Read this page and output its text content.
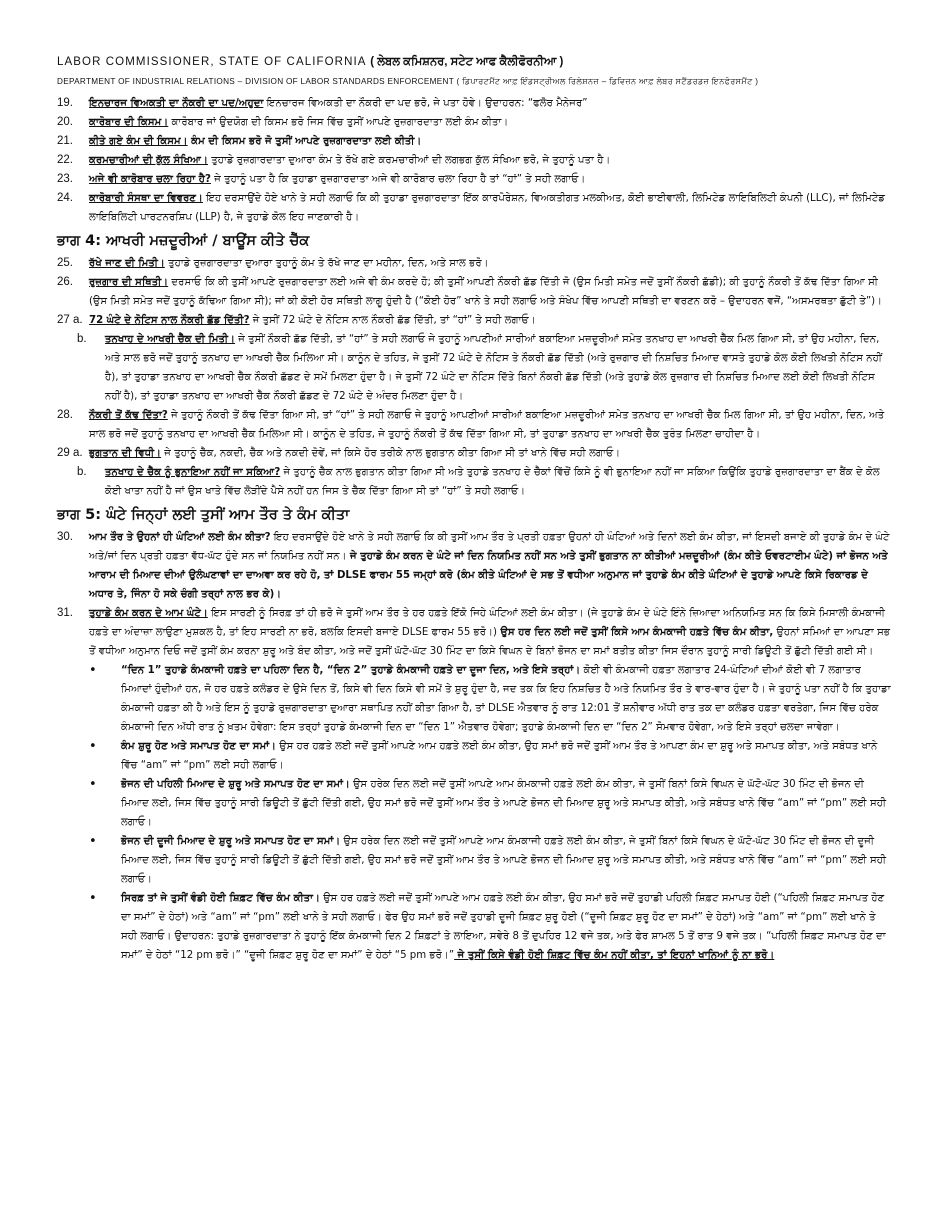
LABOR COMMISSIONER, STATE OF CALIFORNIA ( ਲੇਬਲ ਕਮਿਸ਼ਨਰ, ਸਟੇਟ ਆਫ ਕੈਲੀਫੋਰਨੀਆ )
DEPARTMENT OF INDUSTRIAL RELATIONS – DIVISION OF LABOR STANDARDS ENFORCEMENT ( ਡਿਪਾਰਟਮੈਂਟ ਆਫ਼ ਇੰਡਸਟ੍ਰੀਅਲ ਰਿਲੇਸ਼ਨਜ਼ – ਡਿਵਿਜ਼ਨ ਆਫ਼ ਲੇਬਰ ਸਟੈਂਡਰਡਜ਼ ਇਨਫੋਰਸਮੈਂਟ )
19.	ਇਨਚਾਰਜ ਵਿਅਕਤੀ ਦਾ ਨੌਕਰੀ ਦਾ ਪਦ/ਅਹੁਦਾ ਇਨਚਾਰਜ ਵਿਅਕਤੀ ਦਾ ਨੌਕਰੀ ਦਾ ਪਦ ਭਰੋ, ਜੇ ਪਤਾ ਹੋਵੇ। ਉਦਾਹਰਨ: “ਫਲੋਰ ਮੈਨੇਜਰ”
20.	ਕਾਰੋਬਾਰ ਦੀ ਕਿਸਮ। ਕਾਰੋਬਾਰ ਜਾਂ ਉਦਯੋਗ ਦੀ ਕਿਸਮ ਭਰੋ ਜਿਸ ਵਿੱਚ ਤੁਸੀਂ ਆਪਣੇ ਰੁਜ਼ਗਾਰਦਾਤਾ ਲਈ ਕੰਮ ਕੀਤਾ।
21.	ਕੀਤੇ ਗਏ ਕੰਮ ਦੀ ਕਿਸਮ। ਕੰਮ ਦੀ ਕਿਸਮ ਭਰੋ ਜੋ ਤੁਸੀਂ ਆਪਣੇ ਰੁਜ਼ਗਾਰਦਾਤਾ ਲਈ ਕੀਤੀ।
22.	ਕਰਮਚਾਰੀਆਂ ਦੀ ਕੁੱਲ ਸੰਖਿਆ। ਤੁਹਾਡੇ ਰੁਜ਼ਗਾਰਦਾਤਾ ਦੁਆਰਾ ਕੰਮ ਤੇ ਰੱਖੇ ਗਏ ਕਰਮਚਾਰੀਆਂ ਦੀ ਲਗਭਗ ਕੁੱਲ ਸੰਖਿਆ ਭਰੋ, ਜੇ ਤੁਹਾਨੂੰ ਪਤਾ ਹੈ।
23.	ਅਜੇ ਵੀ ਕਾਰੋਬਾਰ ਚਲਾ ਰਿਹਾ ਹੈ? ਜੇ ਤੁਹਾਨੂੰ ਪਤਾ ਹੈ ਕਿ ਤੁਹਾਡਾ ਰੁਜ਼ਗਾਰਦਾਤਾ ਅਜੇ ਵੀ ਕਾਰੋਬਾਰ ਚਲਾ ਰਿਹਾ ਹੈ ਤਾਂ “ਹਾਂ” ਤੇ ਸਹੀ ਲਗਾਓ।
24.	ਕਾਰੋਬਾਰੀ ਸੰਸਥਾ ਦਾ ਵਿਵਰਣ। ਇਹ ਦਰਸਾਉਂਦੇ ਹੋਏ ਖਾਨੇ ਤੇ ਸਹੀ ਲਗਾਓ ਕਿ ਕੀ ਤੁਹਾਡਾ ਰੁਜ਼ਗਾਰਦਾਤਾ ਇੱਕ ਕਾਰਪੋਰੇਸ਼ਨ, ਵਿਅਕਤੀਗਤ ਮਲਕੀਅਤ, ਕੋਈ ਭਾਈਵਾਲੀ, ਲਿਮਿਟੇਡ ਲਾਇਬਿਲਿਟੀ ਕੰਪਨੀ (LLC), ਜਾਂ ਲਿਮਿਟੇਡ ਲਾਇਬਿਲਿਟੀ ਪਾਰਟਨਰਸ਼ਿਪ (LLP) ਹੈ, ਜੇ ਤੁਹਾਡੇ ਕੋਲ ਇਹ ਜਾਣਕਾਰੀ ਹੈ।
ਭਾਗ 4: ਆਖਰੀ ਮਜ਼ਦੂਰੀਆਂ / ਬਾਊਂਸ ਕੀਤੇ ਚੈੱਕ
25.	ਰੱਖੇ ਜਾਣ ਦੀ ਮਿਤੀ। ਤੁਹਾਡੇ ਰੁਜ਼ਗਾਰਦਾਤਾ ਦੁਆਰਾ ਤੁਹਾਨੂੰ ਕੰਮ ਤੇ ਰੱਖੇ ਜਾਣ ਦਾ ਮਹੀਨਾ, ਦਿਨ, ਅਤੇ ਸਾਲ ਭਰੋ।
26.	ਰੁਜ਼ਗਾਰ ਦੀ ਸਥਿਤੀ। ਦਰਸਾਓ ਕਿ ਕੀ ਤੁਸੀਂ ਆਪਣੇ ਰੁਜ਼ਗਾਰਦਾਤਾ ਲਈ ਅਜੇ ਵੀ ਕੰਮ ਕਰਦੇ ਹੋ; ਕੀ ਤੁਸੀਂ ਆਪਣੀ ਨੌਕਰੀ ਛੱਡ ਦਿੱਤੀ ਜੋ (ਉਸ ਮਿਤੀ ਸਮੇਤ ਜਦੋਂ ਤੁਸੀਂ ਨੌਕਰੀ ਛੱਡੀ); ਕੀ ਤੁਹਾਨੂੰ ਨੌਕਰੀ ਤੋਂ ਕੱਢ ਦਿੱਤਾ ਗਿਆ ਸੀ (ਉਸ ਮਿਤੀ ਸਮੇਤ ਜਦੋਂ ਤੁਹਾਨੂੰ ਕੱਢਿਆ ਗਿਆ ਸੀ); ਜਾਂ ਕੀ ਕੋਈ ਹੋਰ ਸਥਿਤੀ ਲਾਗੂ ਹੁੰਦੀ ਹੈ (“ਕੋਈ ਹੋਰ” ਖਾਨੇ ਤੇ ਸਹੀ ਲਗਾਓ ਅਤੇ ਸੰਖੇਪ ਵਿੱਚ ਆਪਣੀ ਸਥਿਤੀ ਦਾ ਵਰਣਨ ਕਰੋ – ਉਦਾਹਰਨ ਵਜੋਂ, “ਅਸਮਰਥਤਾ ਛੁੱਟੀ ਤੇ”)।
27 a. 72 ਘੰਟੇ ਦੇ ਨੋਟਿਸ ਨਾਲ ਨੌਕਰੀ ਛੱਡ ਦਿੱਤੀ? ਜੇ ਤੁਸੀਂ 72 ਘੰਟੇ ਦੇ ਨੋਟਿਸ ਨਾਲ ਨੌਕਰੀ ਛੱਡ ਦਿੱਤੀ, ਤਾਂ “ਹਾਂ” ਤੇ ਸਹੀ ਲਗਾਓ।
b.	ਤਨਖਾਹ ਦੇ ਆਖਰੀ ਚੈੱਕ ਦੀ ਮਿਤੀ। ਜੇ ਤੁਸੀਂ ਨੌਕਰੀ ਛੱਡ ਦਿੱਤੀ, ਤਾਂ “ਹਾਂ” ਤੇ ਸਹੀ ਲਗਾਓ ਜੇ ਤੁਹਾਨੂੰ ਆਪਣੀਆਂ ਸਾਰੀਆਂ ਬਕਾਇਆ ਮਜ਼ਦੂਰੀਆਂ ਸਮੇਤ ਤਨਖਾਹ ਦਾ ਆਖਰੀ ਚੈੱਕ ਮਿਲ ਗਿਆ ਸੀ, ਤਾਂ ਉਹ ਮਹੀਨਾ, ਦਿਨ, ਅਤੇ ਸਾਲ ਭਰੋ ਜਦੋਂ ਤੁਹਾਨੂੰ ਤਨਖਾਹ ਦਾ ਆਖਰੀ ਚੈੱਕ ਮਿਲਿਆ ਸੀ। ਕਾਨੂੰਨ ਦੇ ਤਹਿਤ, ਜੇ ਤੁਸੀਂ 72 ਘੰਟੇ ਦੇ ਨੋਟਿਸ ਤੇ ਨੌਕਰੀ ਛੱਡ ਦਿੱਤੀ (ਅਤੇ ਰੁਜ਼ਗਾਰ ਦੀ ਨਿਸ਼ਚਿਤ ਮਿਆਦ ਵਾਸਤੇ ਤੁਹਾਡੇ ਕੋਲ ਕੋਈ ਲਿਖਤੀ ਨੋਟਿਸ ਨਹੀਂ ਹੈ), ਤਾਂ ਤੁਹਾਡਾ ਤਨਖਾਹ ਦਾ ਆਖਰੀ ਚੈੱਕ ਨੌਕਰੀ ਛੱਡਣ ਦੇ ਸਮੇਂ ਮਿਲਣਾ ਹੁੰਦਾ ਹੈ। ਜੇ ਤੁਸੀਂ 72 ਘੰਟੇ ਦਾ ਨੋਟਿਸ ਦਿੱਤੇ ਬਿਨਾਂ ਨੌਕਰੀ ਛੱਡ ਦਿੱਤੀ (ਅਤੇ ਤੁਹਾਡੇ ਕੋਲ ਰੁਜ਼ਗਾਰ ਦੀ ਨਿਸ਼ਚਿਤ ਮਿਆਦ ਲਈ ਕੋਈ ਲਿਖਤੀ ਨੋਟਿਸ ਨਹੀਂ ਹੈ), ਤਾਂ ਤੁਹਾਡਾ ਤਨਖਾਹ ਦਾ ਆਖਰੀ ਚੈੱਕ ਨੌਕਰੀ ਛੱਡਣ ਦੇ 72 ਘੰਟੇ ਦੇ ਅੰਦਰ ਮਿਲਣਾ ਹੁੰਦਾ ਹੈ।
28.	ਨੌਕਰੀ ਤੋਂ ਕੱਢ ਦਿੱਤਾ? ਜੇ ਤੁਹਾਨੂੰ ਨੌਕਰੀ ਤੋਂ ਕੱਢ ਦਿੱਤਾ ਗਿਆ ਸੀ, ਤਾਂ “ਹਾਂ” ਤੇ ਸਹੀ ਲਗਾਓ ਜੇ ਤੁਹਾਨੂੰ ਆਪਣੀਆਂ ਸਾਰੀਆਂ ਬਕਾਇਆ ਮਜ਼ਦੂਰੀਆਂ ਸਮੇਤ ਤਨਖਾਹ ਦਾ ਆਖਰੀ ਚੈੱਕ ਮਿਲ ਗਿਆ ਸੀ, ਤਾਂ ਉਹ ਮਹੀਨਾ, ਦਿਨ, ਅਤੇ ਸਾਲ ਭਰੋ ਜਦੋਂ ਤੁਹਾਨੂੰ ਤਨਖਾਹ ਦਾ ਆਖਰੀ ਚੈੱਕ ਮਿਲਿਆ ਸੀ। ਕਾਨੂੰਨ ਦੇ ਤਹਿਤ, ਜੇ ਤੁਹਾਨੂੰ ਨੌਕਰੀ ਤੋਂ ਕੱਢ ਦਿੱਤਾ ਗਿਆ ਸੀ, ਤਾਂ ਤੁਹਾਡਾ ਤਨਖਾਹ ਦਾ ਆਖਰੀ ਚੈੱਕ ਤੁਰੰਤ ਮਿਲਣਾ ਚਾਹੀਦਾ ਹੈ।
29 a. ਭੁਗਤਾਨ ਦੀ ਵਿਧੀ। ਜੇ ਤੁਹਾਨੂੰ ਚੈੱਕ, ਨਕਦੀ, ਚੈੱਕ ਅਤੇ ਨਕਦੀ ਦੋਵੇਂ, ਜਾਂ ਕਿਸੇ ਹੋਰ ਤਰੀਕੇ ਨਾਲ ਭੁਗਤਾਨ ਕੀਤਾ ਗਿਆ ਸੀ ਤਾਂ ਖਾਨੇ ਵਿੱਚ ਸਹੀ ਲਗਾਓ।
b.	ਤਨਖਾਹ ਦੇ ਚੈੱਕ ਨੂੰ ਭੁਨਾਇਆ ਨਹੀਂ ਜਾ ਸਕਿਆ? ਜੇ ਤੁਹਾਨੂੰ ਚੈੱਕ ਨਾਲ ਭੁਗਤਾਨ ਕੀਤਾ ਗਿਆ ਸੀ ਅਤੇ ਤੁਹਾਡੇ ਤਨਖਾਹ ਦੇ ਚੈੱਕਾਂ ਵਿੱਚੋਂ ਕਿਸੇ ਨੂੰ ਵੀ ਭੁਨਾਇਆ ਨਹੀਂ ਜਾ ਸਕਿਆ ਕਿਉਂਕਿ ਤੁਹਾਡੇ ਰੁਜ਼ਗਾਰਦਾਤਾ ਦਾ ਬੈਂਕ ਦੇ ਕੋਲ ਕੋਈ ਖਾਤਾ ਨਹੀਂ ਹੈ ਜਾਂ ਉਸ ਖਾਤੇ ਵਿੱਚ ਲੋੜੀਂਦੇ ਪੈਸੇ ਨਹੀਂ ਹਨ ਜਿਸ ਤੇ ਚੈੱਕ ਦਿੱਤਾ ਗਿਆ ਸੀ ਤਾਂ “ਹਾਂ” ਤੇ ਸਹੀ ਲਗਾਓ।
ਭਾਗ 5: ਘੰਟੇ ਜਿਨ੍ਹਾਂ ਲਈ ਤੁਸੀਂ ਆਮ ਤੌਰ ਤੇ ਕੰਮ ਕੀਤਾ
30.	ਆਮ ਤੌਰ ਤੇ ਉਹਨਾਂ ਹੀ ਘੰਟਿਆਂ ਲਈ ਕੰਮ ਕੀਤਾ? ਇਹ ਦਰਸਾਉਂਦੇ ਹੋਏ ਖਾਨੇ ਤੇ ਸਹੀ ਲਗਾਓ ਕਿ ਕੀ ਤੁਸੀਂ ਆਮ ਤੌਰ ਤੇ ਪ੍ਰਤੀ ਹਫ਼ਤਾ ਉਹਨਾਂ ਹੀ ਘੰਟਿਆਂ ਅਤੇ ਦਿਨਾਂ ਲਈ ਕੰਮ ਕੀਤਾ, ਜਾਂ ਇਸਦੀ ਬਜਾਏ ਕੀ ਤੁਹਾਡੇ ਕੰਮ ਦੇ ਘੰਟੇ ਅਤੇ/ਜਾਂ ਦਿਨ ਪ੍ਰਤੀ ਹਫ਼ਤਾ ਵੱਧ-ਘੱਟ ਹੁੰਦੇ ਸਨ ਜਾਂ ਨਿਯਮਿਤ ਨਹੀਂ ਸਨ। ਜੇ ਤੁਹਾਡੇ ਕੰਮ ਕਰਨ ਦੇ ਘੰਟੇ ਜਾਂ ਦਿਨ ਨਿਯਮਿਤ ਨਹੀਂ ਸਨ ਅਤੇ ਤੁਸੀਂ ਭੁਗਤਾਨ ਨਾ ਕੀਤੀਆਂ ਮਜ਼ਦੂਰੀਆਂ (ਕੰਮ ਕੀਤੇ ਓਵਰਟਾਈਮ ਘੰਟੇ) ਜਾਂ ਭੋਜਨ ਅਤੇ ਆਰਾਮ ਦੀ ਮਿਆਦ ਦੀਆਂ ਉਲੰਘਣਾਵਾਂ ਦਾ ਦਾਅਵਾ ਕਰ ਰਹੇ ਹੋ, ਤਾਂ DLSE ਫਾਰਮ 55 ਜਮ੍ਹਾਂ ਕਰੋ (ਕੰਮ ਕੀਤੇ ਘੰਟਿਆਂ ਦੇ ਸਭ ਤੋਂ ਵਧੀਆ ਅਨੁਮਾਨ ਜਾਂ ਤੁਹਾਡੇ ਕੰਮ ਕੀਤੇ ਘੰਟਿਆਂ ਦੇ ਤੁਹਾਡੇ ਆਪਣੇ ਕਿਸੇ ਰਿਕਾਰਡ ਦੇ ਅਧਾਰ ਤੇ, ਜਿੰਨਾ ਹੋ ਸਕੇ ਚੰਗੀ ਤਰ੍ਹਾਂ ਨਾਲ ਭਰ ਕੇ)।
31.	ਤੁਹਾਡੇ ਕੰਮ ਕਰਨ ਦੇ ਆਮ ਘੰਟੇ। ਇਸ ਸਾਰਣੀ ਨੂੰ ਸਿਰਫ਼ ਤਾਂ ਹੀ ਭਰੋ ਜੇ ਤੁਸੀਂ ਆਮ ਤੌਰ ਤੇ ਹਰ ਹਫ਼ਤੇ ਇੱਕੋ ਜਿਹੇ ਘੰਟਿਆਂ ਲਈ ਕੰਮ ਕੀਤਾ। (ਜੇ ਤੁਹਾਡੇ ਕੰਮ ਦੇ ਘੰਟੇ ਇੰਨੇ ਜ਼ਿਆਦਾ ਅਨਿਯਮਿਤ ਸਨ ਕਿ ਕਿਸੇ ਮਿਸਾਲੀ ਕੰਮਕਾਜੀ ਹਫ਼ਤੇ ਦਾ ਅੰਦਾਜ਼ਾ ਲਾਉਣਾ ਮੁਸ਼ਕਲ ਹੈ, ਤਾਂ ਇਹ ਸਾਰਣੀ ਨਾ ਭਰੋ, ਬਲਕਿ ਇਸਦੀ ਬਜਾਏ DLSE ਫਾਰਮ 55 ਭਰੋ।) ਉਸ ਹਰ ਦਿਨ ਲਈ ਜਦੋਂ ਤੁਸੀਂ ਕਿਸੇ ਆਮ ਕੰਮਕਾਜੀ ਹਫ਼ਤੇ ਵਿੱਚ ਕੰਮ ਕੀਤਾ, ਉਹਨਾਂ ਸਮਿਆਂ ਦਾ ਆਪਣਾ ਸਭ ਤੋਂ ਵਧੀਆ ਅਨੁਮਾਨ ਦਿਓ ਜਦੋਂ ਤੁਸੀਂ ਕੰਮ ਕਰਨਾ ਸ਼ੁਰੂ ਅਤੇ ਬੰਦ ਕੀਤਾ, ਅਤੇ ਜਦੋਂ ਤੁਸੀਂ ਘੱਟੋ-ਘੱਟ 30 ਮਿੰਟ ਦਾ ਕਿਸੇ ਵਿਘਨ ਦੇ ਬਿਨਾਂ ਭੋਜਨ ਦਾ ਸਮਾਂ ਬਤੀਤ ਕੀਤਾ ਜਿਸ ਦੌਰਾਨ ਤੁਹਾਨੂੰ ਸਾਰੀ ਡਿਊਟੀ ਤੋਂ ਛੁੱਟੀ ਦਿੱਤੀ ਗਈ ਸੀ।
•	“ਦਿਨ 1” ਤੁਹਾਡੇ ਕੰਮਕਾਜੀ ਹਫ਼ਤੇ ਦਾ ਪਹਿਲਾ ਦਿਨ ਹੈ, “ਦਿਨ 2” ਤੁਹਾਡੇ ਕੰਮਕਾਜੀ ਹਫ਼ਤੇ ਦਾ ਦੂਜਾ ਦਿਨ, ਅਤੇ ਇਸੇ ਤਰ੍ਹਾਂ। ਕੋਈ ਵੀ ਕੰਮਕਾਜੀ ਹਫ਼ਤਾ ਲਗਾਤਾਰ 24-ਘੰਟਿਆਂ ਦੀਆਂ ਕੋਈ ਵੀ 7 ਲਗਾਤਾਰ ਮਿਆਦਾਂ ਹੁੰਦੀਆਂ ਹਨ, ਜੋ ਹਰ ਹਫ਼ਤੇ ਕਲੰਡਰ ਦੇ ਉਸੇ ਦਿਨ ਤੋਂ, ਕਿਸੇ ਵੀ ਦਿਨ ਕਿਸੇ ਵੀ ਸਮੇਂ ਤੇ ਸ਼ੁਰੂ ਹੁੰਦਾ ਹੈ, ਜਦ ਤਕ ਕਿ ਇਹ ਨਿਸ਼ਚਿਤ ਹੈ ਅਤੇ ਨਿਯਮਿਤ ਤੌਰ ਤੇ ਵਾਰ-ਵਾਰ ਹੁੰਦਾ ਹੈ। ਜੇ ਤੁਹਾਨੂੰ ਪਤਾ ਨਹੀਂ ਹੈ ਕਿ ਤੁਹਾਡਾ ਕੰਮਕਾਜੀ ਹਫ਼ਤਾ ਕੀ ਹੈ ਅਤੇ ਇਸ ਨੂੰ ਤੁਹਾਡੇ ਰੁਜ਼ਗਾਰਦਾਤਾ ਦੁਆਰਾ ਸਥਾਪਿਤ ਨਹੀਂ ਕੀਤਾ ਗਿਆ ਹੈ, ਤਾਂ DLSE ਐਤਵਾਰ ਨੂੰ ਰਾਤ 12:01 ਤੋਂ ਸ਼ਨੀਵਾਰ ਅੱਧੀ ਰਾਤ ਤਕ ਦਾ ਕਲੰਡਰ ਹਫ਼ਤਾ ਵਰਤੇਗਾ, ਜਿਸ ਵਿੱਚ ਹਰੇਕ ਕੰਮਕਾਜੀ ਦਿਨ ਅੱਧੀ ਰਾਤ ਨੂੰ ਖ਼ਤਮ ਹੋਵੇਗਾ: ਇਸ ਤਰ੍ਹਾਂ ਤੁਹਾਡੇ ਕੰਮਕਾਜੀ ਦਿਨ ਦਾ “ਦਿਨ 1” ਐਤਵਾਰ ਹੋਵੇਗਾ; ਤੁਹਾਡੇ ਕੰਮਕਾਜੀ ਦਿਨ ਦਾ “ਦਿਨ 2” ਸੋਮਵਾਰ ਹੋਵੇਗਾ, ਅਤੇ ਇਸੇ ਤਰ੍ਹਾਂ ਚਲਦਾ ਜਾਵੇਗਾ।
•	ਕੰਮ ਸ਼ੁਰੂ ਹੋਣ ਅਤੇ ਸਮਾਪਤ ਹੋਣ ਦਾ ਸਮਾਂ। ਉਸ ਹਰ ਹਫ਼ਤੇ ਲਈ ਜਦੋਂ ਤੁਸੀਂ ਆਪਣੇ ਆਮ ਹਫ਼ਤੇ ਲਈ ਕੰਮ ਕੀਤਾ, ਉਹ ਸਮਾਂ ਭਰੋ ਜਦੋਂ ਤੁਸੀਂ ਆਮ ਤੌਰ ਤੇ ਆਪਣਾ ਕੰਮ ਦਾ ਸ਼ੁਰੂ ਅਤੇ ਸਮਾਪਤ ਕੀਤਾ, ਅਤੇ ਸਬੰਧਤ ਖਾਨੇ ਵਿੱਚ “am” ਜਾਂ “pm” ਲਈ ਸਹੀ ਲਗਾਓ।
•	ਭੋਜਨ ਦੀ ਪਹਿਲੀ ਮਿਆਦ ਦੇ ਸ਼ੁਰੂ ਅਤੇ ਸਮਾਪਤ ਹੋਣ ਦਾ ਸਮਾਂ। ਉਸ ਹਰੇਕ ਦਿਨ ਲਈ ਜਦੋਂ ਤੁਸੀਂ ਆਪਣੇ ਆਮ ਕੰਮਕਾਜੀ ਹਫ਼ਤੇ ਲਈ ਕੰਮ ਕੀਤਾ, ਜੇ ਤੁਸੀਂ ਬਿਨਾਂ ਕਿਸੇ ਵਿਘਨ ਦੇ ਘੱਟੋ-ਘੱਟ 30 ਮਿੰਟ ਦੀ ਭੋਜਨ ਦੀ ਮਿਆਦ ਲਈ, ਜਿਸ ਵਿੱਚ ਤੁਹਾਨੂੰ ਸਾਰੀ ਡਿਊਟੀ ਤੋਂ ਛੁੱਟੀ ਦਿੱਤੀ ਗਈ, ਉਹ ਸਮਾਂ ਭਰੋ ਜਦੋਂ ਤੁਸੀਂ ਆਮ ਤੌਰ ਤੇ ਆਪਣੇ ਭੋਜਨ ਦੀ ਮਿਆਦ ਸ਼ੁਰੂ ਅਤੇ ਸਮਾਪਤ ਕੀਤੀ, ਅਤੇ ਸਬੰਧਤ ਖਾਨੇ ਵਿੱਚ “am” ਜਾਂ “pm” ਲਈ ਸਹੀ ਲਗਾਓ।
•	ਭੋਜਨ ਦੀ ਦੂਜੀ ਮਿਆਦ ਦੇ ਸ਼ੁਰੂ ਅਤੇ ਸਮਾਪਤ ਹੋਣ ਦਾ ਸਮਾਂ। ਉਸ ਹਰੇਕ ਦਿਨ ਲਈ ਜਦੋਂ ਤੁਸੀਂ ਆਪਣੇ ਆਮ ਕੰਮਕਾਜੀ ਹਫ਼ਤੇ ਲਈ ਕੰਮ ਕੀਤਾ, ਜੇ ਤੁਸੀਂ ਬਿਨਾਂ ਕਿਸੇ ਵਿਘਨ ਦੇ ਘੱਟੋ-ਘੱਟ 30 ਮਿੰਟ ਦੀ ਭੋਜਨ ਦੀ ਦੂਜੀ ਮਿਆਦ ਲਈ, ਜਿਸ ਵਿੱਚ ਤੁਹਾਨੂੰ ਸਾਰੀ ਡਿਊਟੀ ਤੋਂ ਛੁੱਟੀ ਦਿੱਤੀ ਗਈ, ਉਹ ਸਮਾਂ ਭਰੋ ਜਦੋਂ ਤੁਸੀਂ ਆਮ ਤੌਰ ਤੇ ਆਪਣੇ ਭੋਜਨ ਦੀ ਮਿਆਦ ਸ਼ੁਰੂ ਅਤੇ ਸਮਾਪਤ ਕੀਤੀ, ਅਤੇ ਸਬੰਧਤ ਖਾਨੇ ਵਿੱਚ “am” ਜਾਂ “pm” ਲਈ ਸਹੀ ਲਗਾਓ।
•	ਸਿਰਫ਼ ਤਾਂ ਜੇ ਤੁਸੀਂ ਵੰਡੀ ਹੋਈ ਸ਼ਿਫ਼ਟ ਵਿੱਚ ਕੰਮ ਕੀਤਾ। ਉਸ ਹਰ ਹਫ਼ਤੇ ਲਈ ਜਦੋਂ ਤੁਸੀਂ ਆਪਣੇ ਆਮ ਹਫ਼ਤੇ ਲਈ ਕੰਮ ਕੀਤਾ, ਉਹ ਸਮਾਂ ਭਰੋ ਜਦੋਂ ਤੁਹਾਡੀ ਪਹਿਲੀ ਸ਼ਿਫ਼ਟ ਸਮਾਪਤ ਹੋਈ (“ਪਹਿਲੀ ਸ਼ਿਫ਼ਟ ਸਮਾਪਤ ਹੋਣ ਦਾ ਸਮਾਂ” ਦੇ ਹੇਠਾਂ) ਅਤੇ “am” ਜਾਂ “pm” ਲਈ ਖਾਨੇ ਤੇ ਸਹੀ ਲਗਾਓ। ਫੇਰ ਉਹ ਸਮਾਂ ਭਰੋ ਜਦੋਂ ਤੁਹਾਡੀ ਦੂਜੀ ਸ਼ਿਫ਼ਟ ਸ਼ੁਰੂ ਹੋਈ (“ਦੂਜੀ ਸ਼ਿਫ਼ਟ ਸ਼ੁਰੂ ਹੋਣ ਦਾ ਸਮਾਂ” ਦੇ ਹੇਠਾਂ) ਅਤੇ “am” ਜਾਂ “pm” ਲਈ ਖਾਨੇ ਤੇ ਸਹੀ ਲਗਾਓ। ਉਦਾਹਰਨ: ਤੁਹਾਡੇ ਰੁਜ਼ਗਾਰਦਾਤਾ ਨੇ ਤੁਹਾਨੂੰ ਇੱਕ ਕੰਮਕਾਜੀ ਦਿਨ 2 ਸ਼ਿਫ਼ਟਾਂ ਤੇ ਲਾਇਆ, ਸਵੇਰੇ 8 ਤੋਂ ਦੁਪਹਿਰ 12 ਵਜੇ ਤਕ, ਅਤੇ ਫੇਰ ਸ਼ਾਮਲ 5 ਤੋਂ ਰਾਤ 9 ਵਜੇ ਤਕ। “ਪਹਿਲੀ ਸ਼ਿਫ਼ਟ ਸਮਾਪਤ ਹੋਣ ਦਾ ਸਮਾਂ” ਦੇ ਹੇਠਾਂ “12 pm ਭਰੋ।” “ਦੂਜੀ ਸ਼ਿਫ਼ਟ ਸ਼ੁਰੂ ਹੋਣ ਦਾ ਸਮਾਂ” ਦੇ ਹੇਠਾਂ “5 pm ਭਰੋ।” ਜੇ ਤੁਸੀਂ ਕਿਸੇ ਵੰਡੀ ਹੋਈ ਸ਼ਿਫ਼ਟ ਵਿੱਚ ਕੰਮ ਨਹੀਂ ਕੀਤਾ, ਤਾਂ ਇਹਨਾਂ ਖਾਨਿਆਂ ਨੂੰ ਨਾ ਭਰੋ।
